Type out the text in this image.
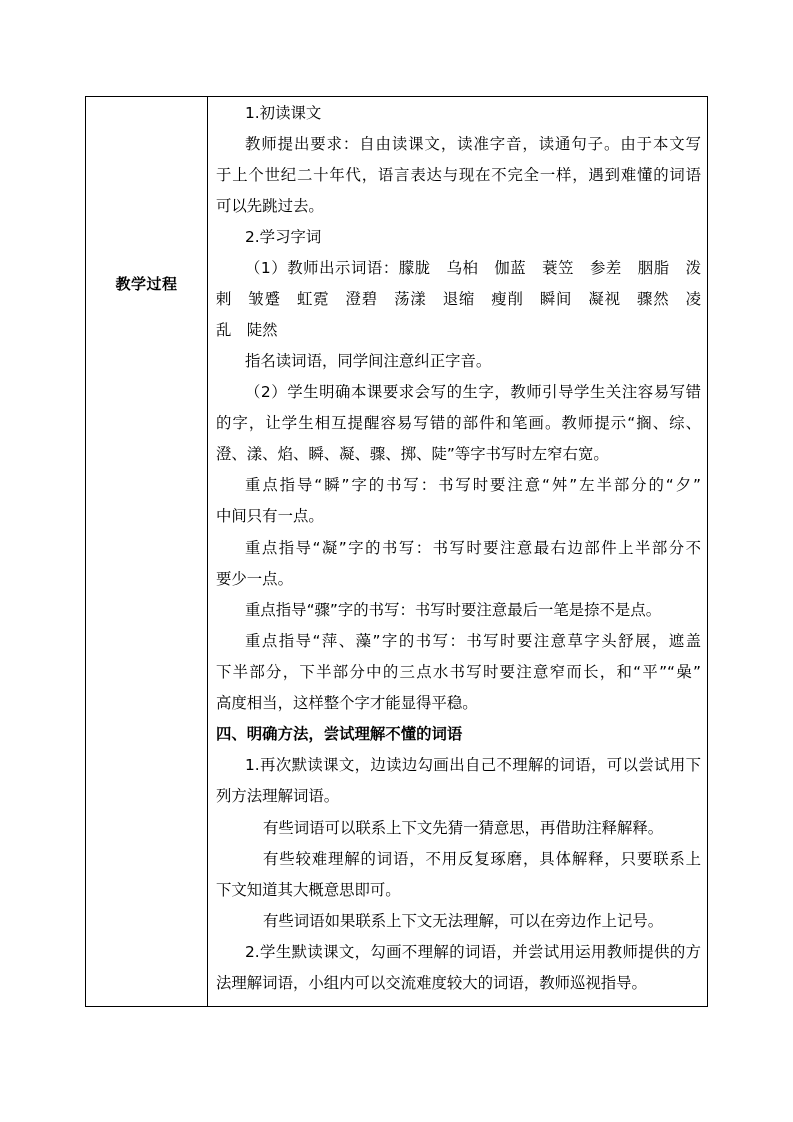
教学过程
1.初读课文
教师提出要求：自由读课文，读准字音，读通句子。由于本文写
于上个世纪二十年代，语言表达与现在不完全一样，遇到难懂的词语
可以先跳过去。
2.学习字词
（1）教师出示词语：朦胧　乌桕　伽蓝　蓑笠　参差　胭脂　泼
剌　皱蹙　虹霓　澄碧　荡漾　退缩　瘦削　瞬间　凝视　骤然　凌
乱　陡然
指名读词语，同学间注意纠正字音。
（2）学生明确本课要求会写的生字，教师引导学生关注容易写错
的字，让学生相互提醒容易写错的部件和笔画。教师提示“搁、综、
澄、漾、焰、瞬、凝、骤、掷、陡”等字书写时左窄右宽。
重点指导“瞬”字的书写：书写时要注意“舛”左半部分的“夕”
中间只有一点。
重点指导“凝”字的书写：书写时要注意最右边部件上半部分不
要少一点。
重点指导“骤”字的书写：书写时要注意最后一笔是捺不是点。
重点指导“萍、藻”字的书写：书写时要注意草字头舒展，遮盖
下半部分，下半部分中的三点水书写时要注意窄而长，和“平”“喿”
高度相当，这样整个字才能显得平稳。
四、明确方法，尝试理解不懂的词语
1.再次默读课文，边读边勾画出自己不理解的词语，可以尝试用下
列方法理解词语。
有些词语可以联系上下文先猜一猜意思，再借助注释解释。
有些较难理解的词语，不用反复琢磨，具体解释，只要联系上
下文知道其大概意思即可。
有些词语如果联系上下文无法理解，可以在旁边作上记号。
2.学生默读课文，勾画不理解的词语，并尝试用运用教师提供的方
法理解词语，小组内可以交流难度较大的词语，教师巡视指导。
